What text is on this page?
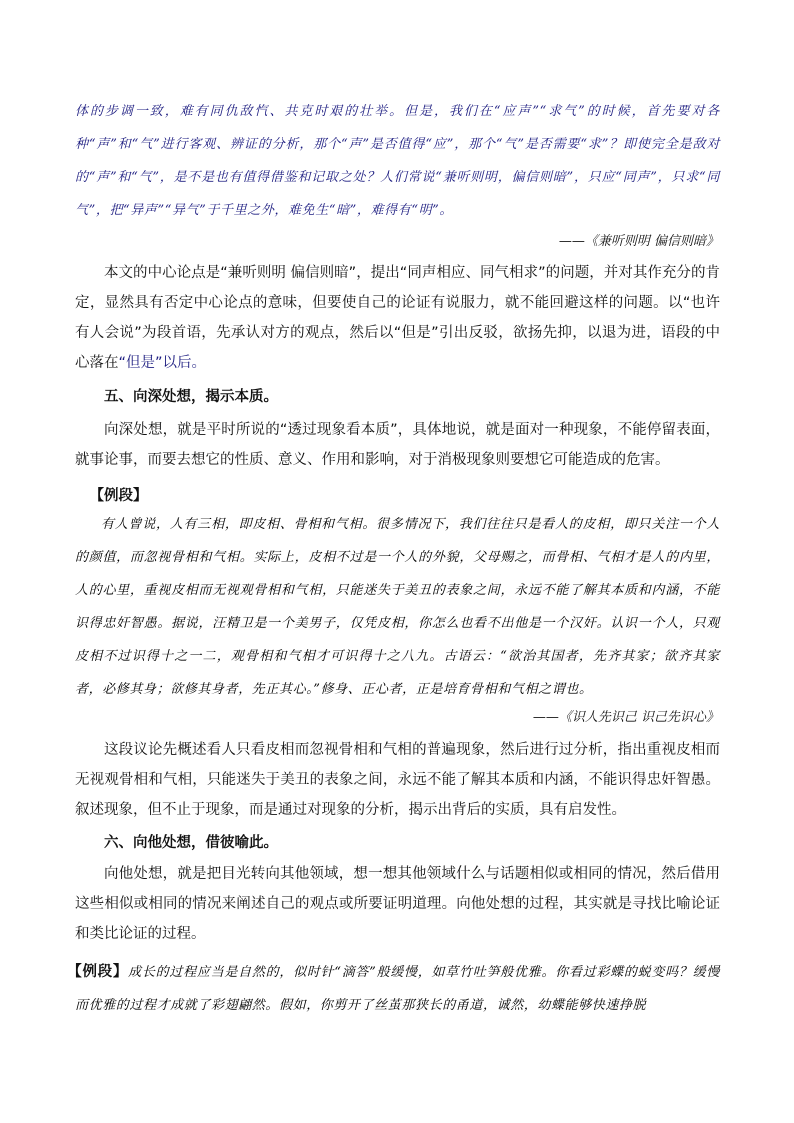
体的步调一致，难有同仇敌忾、共克时艰的壮举。但是，我们在“应声”“求气”的时候，首先要对各种“声”和“气”进行客观、辨证的分析，那个“声”是否值得“应”，那个“气”是否需要“求”？即使完全是敌对的“声”和“气”，是不是也有值得借鉴和记取之处？人们常说“兼听则明，偏信则暗”，只应“同声”，只求“同气”，把“异声”“异气”于千里之外，难免生“暗”，难得有“明”。

——《兼听则明 偏信则暗》

本文的中心论点是“兼听则明 偏信则暗”，提出“同声相应、同气相求”的问题，并对其作充分的肯定，显然具有否定中心论点的意味，但要使自己的论证有说服力，就不能回避这样的问题。以“也许有人会说”为段首语，先承认对方的观点，然后以“但是”引出反驳，欲扬先抑，以退为进，语段的中心落在“但是”以后。

五、向深处想，揭示本质。

向深处想，就是平时所说的“透过现象看本质”，具体地说，就是面对一种现象，不能停留表面，就事论事，而要去想它的性质、意义、作用和影响，对于消极现象则要想它可能造成的危害。

【例段】

有人曾说，人有三相，即皮相、骨相和气相。很多情况下，我们往往只是看人的皮相，即只关注一个人的颜值，而忽视骨相和气相。实际上，皮相不过是一个人的外貌，父母赐之，而骨相、气相才是人的内里，人的心里，重视皮相而无视观骨相和气相，只能迷失于美丑的表象之间，永远不能了解其本质和内涵，不能识得忠奸智愚。据说，汪精卫是一个美男子，仅凭皮相，你怎么也看不出他是一个汉奸。认识一个人，只观皮相不过识得十之一二，观骨相和气相才可识得十之八九。古语云：“欲治其国者，先齐其家；欲齐其家者，必修其身；欲修其身者，先正其心。”修身、正心者，正是培育骨相和气相之谓也。

——《识人先识己 识己先识心》

这段议论先概述看人只看皮相而忽视骨相和气相的普遍现象，然后进行过分析，指出重视皮相而无视观骨相和气相，只能迷失于美丑的表象之间，永远不能了解其本质和内涵，不能识得忠奸智愚。叙述现象，但不止于现象，而是通过对现象的分析，揭示出背后的实质，具有启发性。

六、向他处想，借彼喻此。

向他处想，就是把目光转向其他领域，想一想其他领域什么与话题相似或相同的情况，然后借用这些相似或相同的情况来阐述自己的观点或所要证明道理。向他处想的过程，其实就是寻找比喻论证和类比论证的过程。

【例段】成长的过程应当是自然的，似时针“滴答”般缓慢，如草竹吐笋般优雅。你看过彩蝶的蜕变吗？缓慢而优雅的过程才成就了彩翅翩然。假如，你剪开了丝茧那狭长的甬道，诚然，幼蝶能够快速挣脱
